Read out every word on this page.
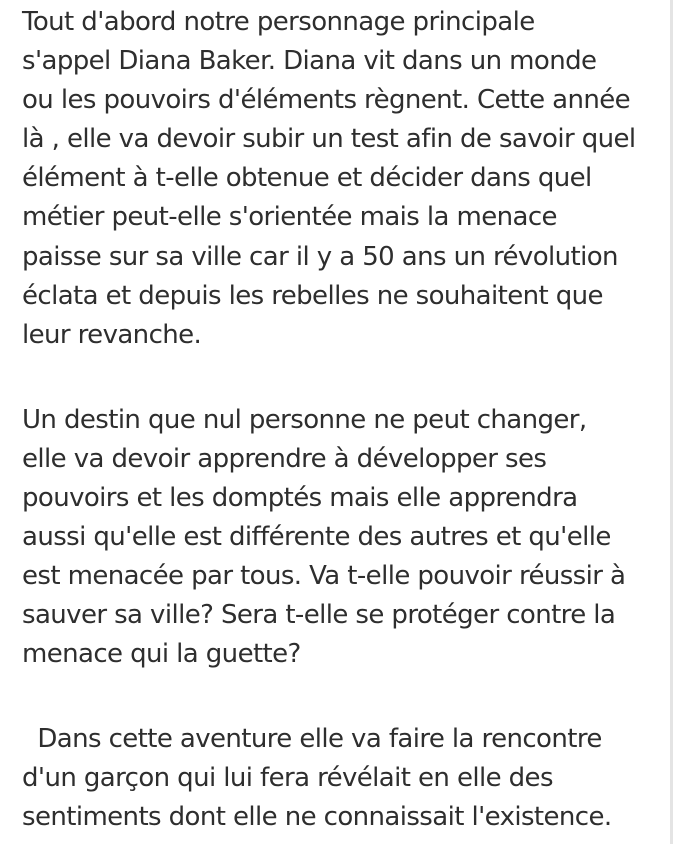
Tout d'abord notre personnage principale

s'appel Diana Baker. Diana vit dans un monde

ou les pouvoirs d'éléments règnent. Cette année

là , elle va devoir subir un test afin de savoir quel

élément à t-elle obtenue et décider dans quel

métier peut-elle s'orientée mais la menace

paisse sur sa ville car il y a 50 ans un révolution

éclata et depuis les rebelles ne souhaitent que

leur revanche.

Un destin que nul personne ne peut changer,

elle va devoir apprendre à développer ses

pouvoirs et les domptés mais elle apprendra

aussi qu'elle est différente des autres et qu'elle

est menacée par tous. Va t-elle pouvoir réussir à

sauver sa ville? Sera t-elle se protéger contre la

menace qui la guette?

Dans cette aventure elle va faire la rencontre

d'un garçon qui lui fera révélait en elle des

sentiments dont elle ne connaissait l'existence.
